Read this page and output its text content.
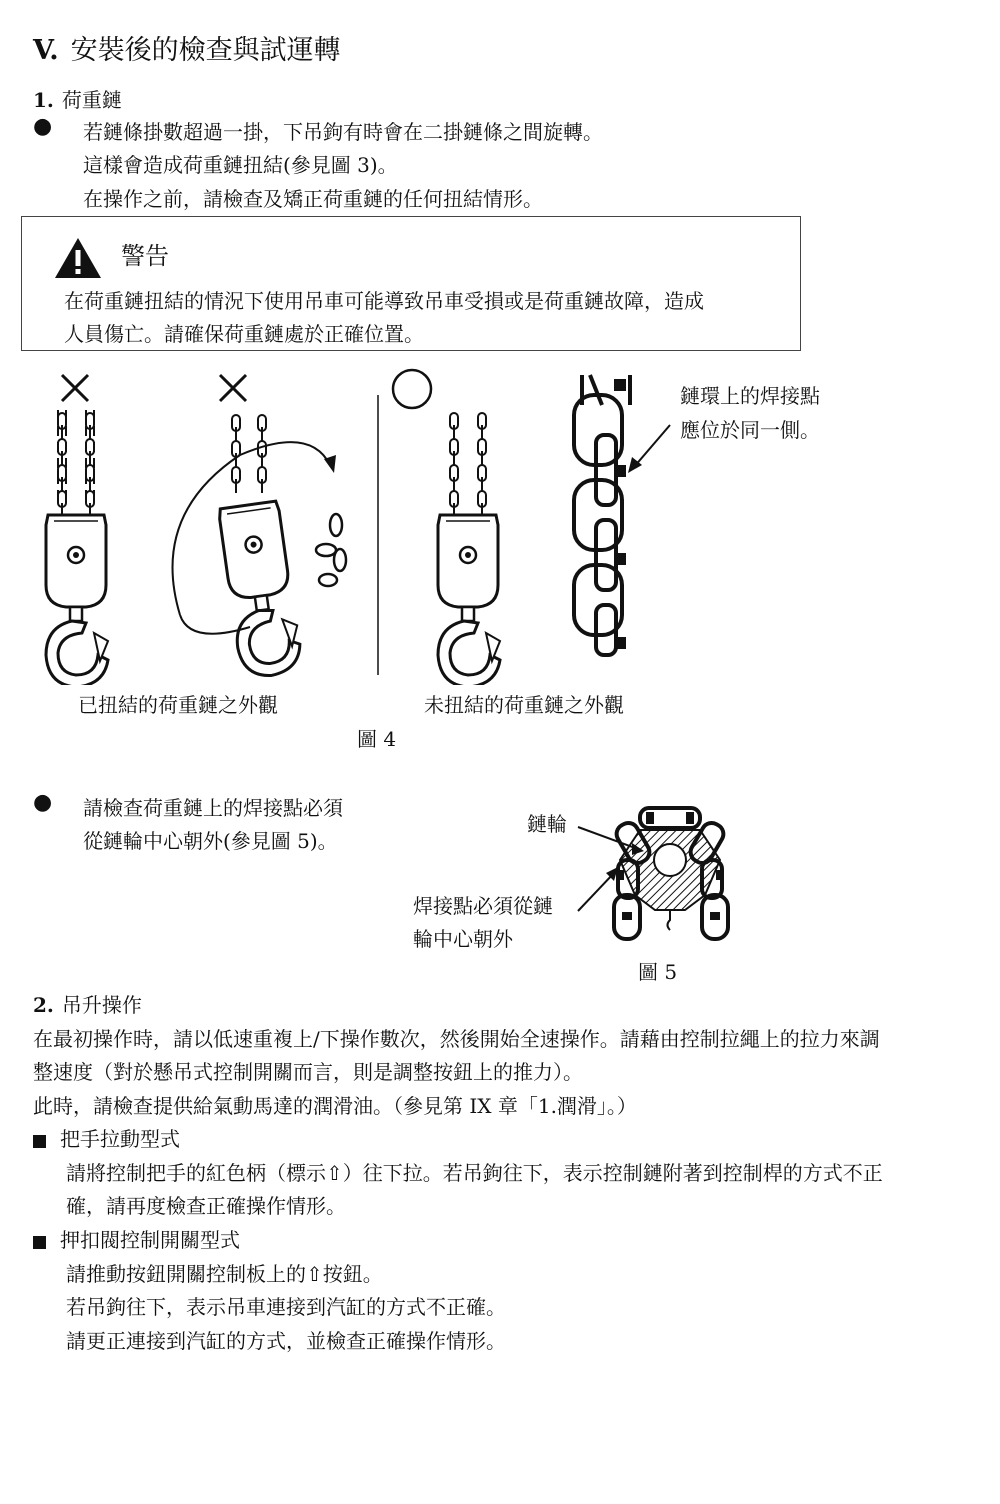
V. 安裝後的檢查與試運轉
1. 荷重鏈
● 若鏈條掛數超過一掛，下吊鉤有時會在二掛鏈條之間旋轉。
這樣會造成荷重鏈扭結(參見圖 3)。
在操作之前，請檢查及矯正荷重鏈的任何扭結情形。
警告
在荷重鏈扭結的情況下使用吊車可能導致吊車受損或是荷重鏈故障，造成
人員傷亡。請確保荷重鏈處於正確位置。
鏈環上的焊接點
應位於同一側。
已扭結的荷重鏈之外觀	未扭結的荷重鏈之外觀
圖 4
● 請檢查荷重鏈上的焊接點必須
從鏈輪中心朝外(參見圖 5)。
鏈輪
焊接點必須從鏈
輪中心朝外
圖 5
2. 吊升操作
在最初操作時，請以低速重複上/下操作數次，然後開始全速操作。請藉由控制拉繩上的拉力來調
整速度（對於懸吊式控制開關而言，則是調整按鈕上的推力）。
此時，請檢查提供給氣動馬達的潤滑油。（參見第 IX 章「1.潤滑」。）
把手拉動型式
請將控制把手的紅色柄（標示⇧）往下拉。若吊鉤往下，表示控制鏈附著到控制桿的方式不正
確，請再度檢查正確操作情形。
押扣閥控制開關型式
請推動按鈕開關控制板上的⇧按鈕。
若吊鉤往下，表示吊車連接到汽缸的方式不正確。
請更正連接到汽缸的方式，並檢查正確操作情形。
